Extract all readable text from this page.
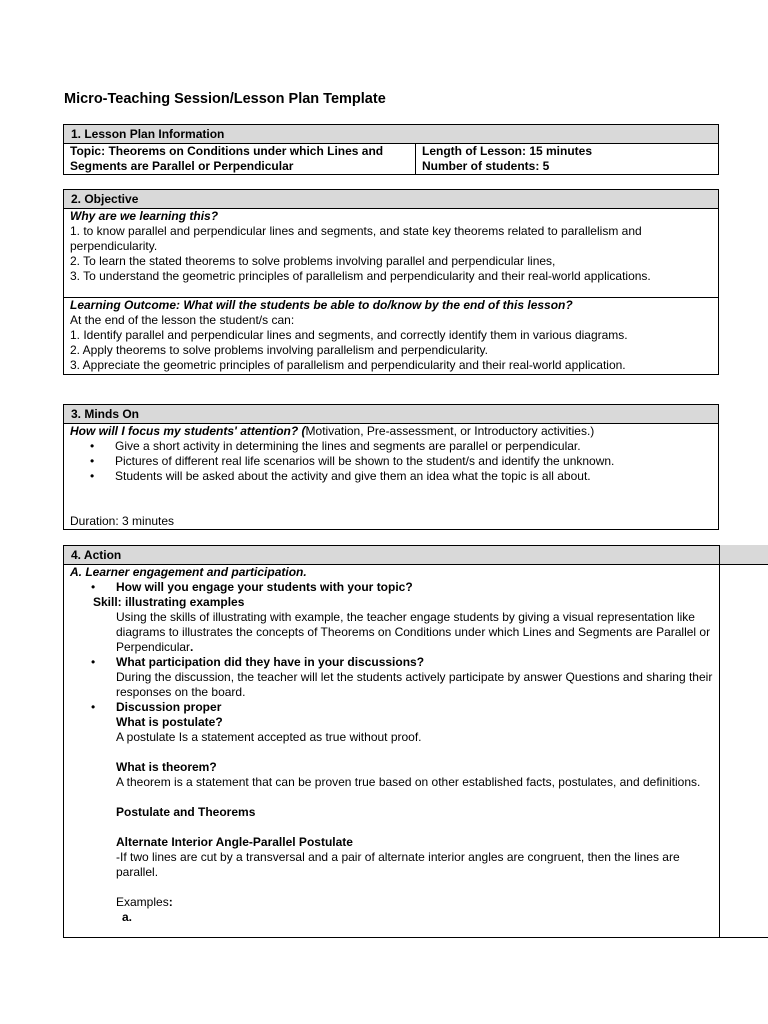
Micro-Teaching Session/Lesson Plan Template
1. Lesson Plan Information
Topic: Theorems on Conditions under which Lines and Segments are Parallel or Perpendicular
Length of Lesson: 15 minutes
Number of students: 5
2. Objective
Why are we learning this?
1. to know parallel and perpendicular lines and segments, and state key theorems related to parallelism and perpendicularity.
2. To learn the stated theorems to solve problems involving parallel and perpendicular lines,
3. To understand the geometric principles of parallelism and perpendicularity and their real-world applications.
Learning Outcome: What will the students be able to do/know by the end of this lesson?
At the end of the lesson the student/s can:
1. Identify parallel and perpendicular lines and segments, and correctly identify them in various diagrams.
2. Apply theorems to solve problems involving parallelism and perpendicularity.
3. Appreciate the geometric principles of parallelism and perpendicularity and their real-world application.
3. Minds On
How will I focus my students' attention? (Motivation, Pre-assessment, or Introductory activities.)
• Give a short activity in determining the lines and segments are parallel or perpendicular.
• Pictures of different real life scenarios will be shown to the student/s and identify the unknown.
• Students will be asked about the activity and give them an idea what the topic is all about.
Duration: 3 minutes
4. Action
A. Learner engagement and participation.
• How will you engage your students with your topic?
Skill: illustrating examples
Using the skills of illustrating with example, the teacher engage students by giving a visual representation like diagrams to illustrates the concepts of Theorems on Conditions under which Lines and Segments are Parallel or Perpendicular.
• What participation did they have in your discussions?
During the discussion, the teacher will let the students actively participate by answer Questions and sharing their responses on the board.
• Discussion proper
What is postulate?
A postulate Is a statement accepted as true without proof.
What is theorem?
A theorem is a statement that can be proven true based on other established facts, postulates, and definitions.
Postulate and Theorems
Alternate Interior Angle-Parallel Postulate
-If two lines are cut by a transversal and a pair of alternate interior angles are congruent, then the lines are parallel.
Examples:
a.
